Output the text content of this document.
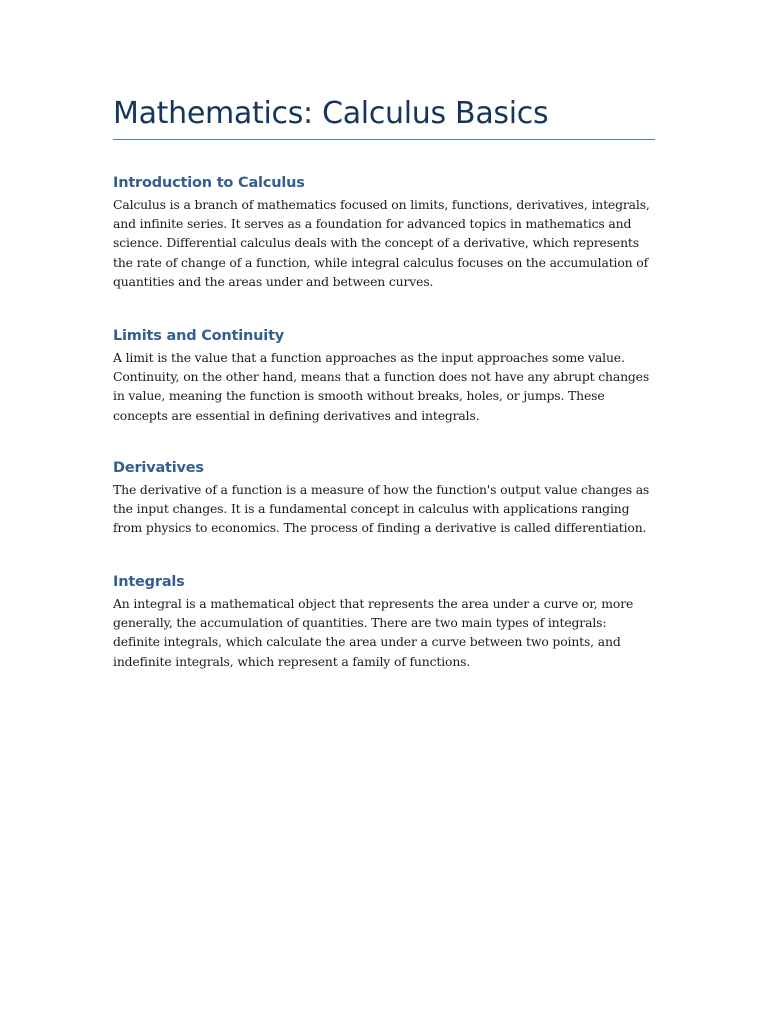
Mathematics: Calculus Basics
Introduction to Calculus

Calculus is a branch of mathematics focused on limits, functions, derivatives, integrals, and infinite series. It serves as a foundation for advanced topics in mathematics and science. Differential calculus deals with the concept of a derivative, which represents the rate of change of a function, while integral calculus focuses on the accumulation of quantities and the areas under and between curves.

Limits and Continuity

A limit is the value that a function approaches as the input approaches some value. Continuity, on the other hand, means that a function does not have any abrupt changes in value, meaning the function is smooth without breaks, holes, or jumps. These concepts are essential in defining derivatives and integrals.

Derivatives

The derivative of a function is a measure of how the function's output value changes as the input changes. It is a fundamental concept in calculus with applications ranging from physics to economics. The process of finding a derivative is called differentiation.

Integrals

An integral is a mathematical object that represents the area under a curve or, more generally, the accumulation of quantities. There are two main types of integrals: definite integrals, which calculate the area under a curve between two points, and indefinite integrals, which represent a family of functions.
